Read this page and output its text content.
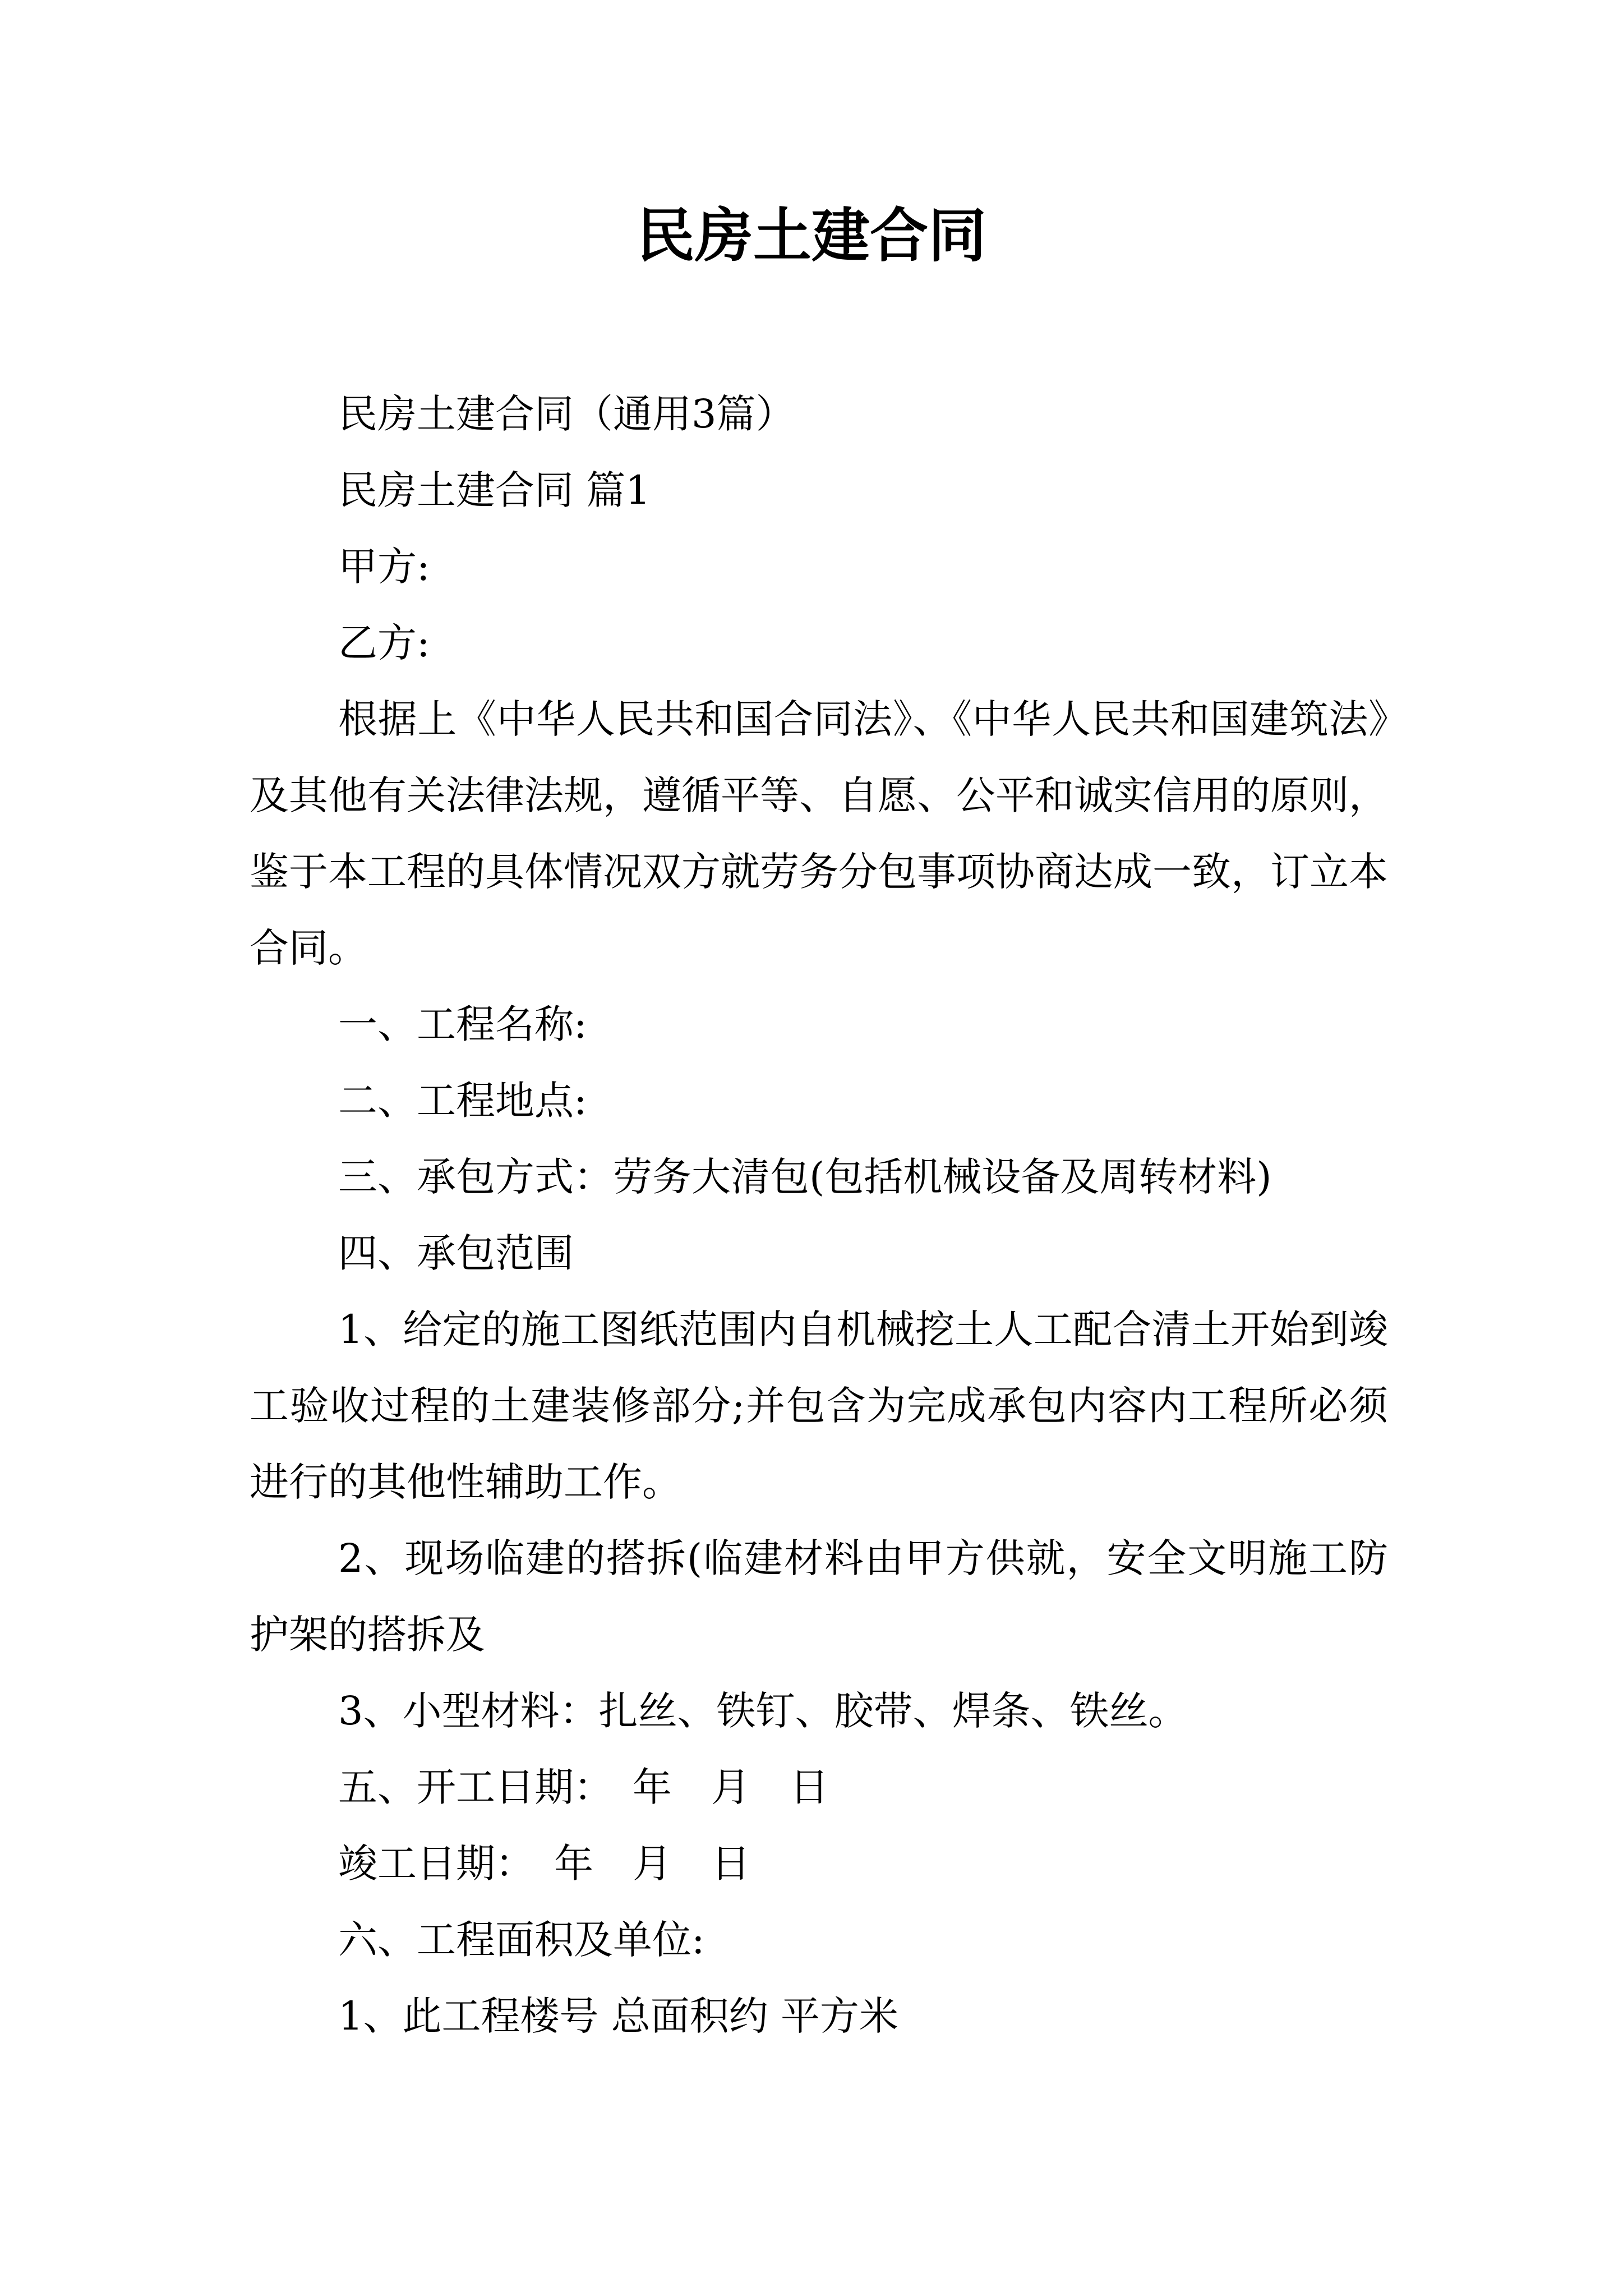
民房土建合同

民房土建合同（通用3篇）

民房土建合同 篇1

甲方:

乙方:

根据上《中华人民共和国合同法》、《中华人民共和国建筑法》及其他有关法律法规，遵循平等、自愿、公平和诚实信用的原则，鉴于本工程的具体情况双方就劳务分包事项协商达成一致，订立本合同。

一、工程名称:

二、工程地点:

三、承包方式：劳务大清包(包括机械设备及周转材料)

四、承包范围

1、给定的施工图纸范围内自机械挖土人工配合清土开始到竣工验收过程的土建装修部分;并包含为完成承包内容内工程所必须进行的其他性辅助工作。

2、现场临建的搭拆(临建材料由甲方供就，安全文明施工防护架的搭拆及

3、小型材料：扎丝、铁钉、胶带、焊条、铁丝。

五、开工日期：　年　月　日

竣工日期：　年　月　日

六、工程面积及单位:

1、此工程楼号 总面积约 平方米
